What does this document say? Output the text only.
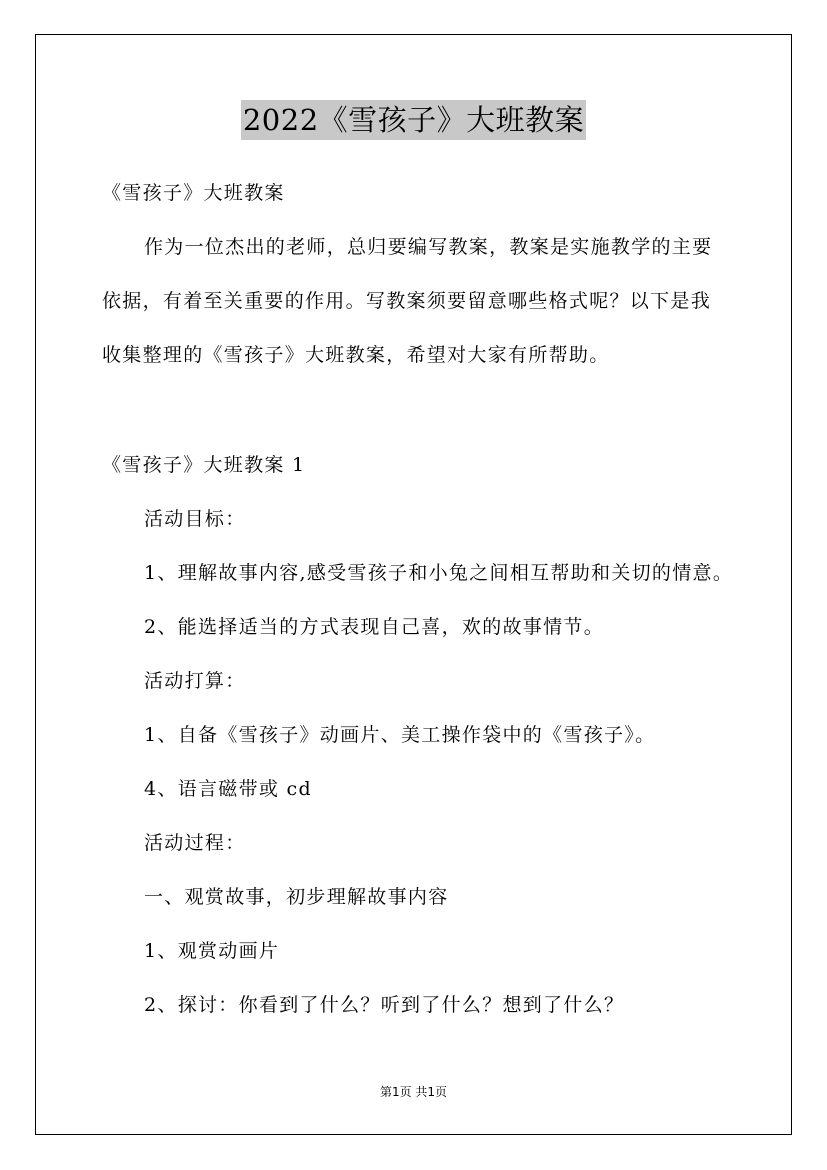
2022《雪孩子》大班教案
《雪孩子》大班教案
作为一位杰出的老师，总归要编写教案，教案是实施教学的主要
依据，有着至关重要的作用。写教案须要留意哪些格式呢？以下是我
收集整理的《雪孩子》大班教案，希望对大家有所帮助。
《雪孩子》大班教案 1
活动目标：
1、理解故事内容,感受雪孩子和小兔之间相互帮助和关切的情意。
2、能选择适当的方式表现自己喜，欢的故事情节。
活动打算：
1、自备《雪孩子》动画片、美工操作袋中的《雪孩子》。
4、语言磁带或 cd
活动过程：
一、观赏故事，初步理解故事内容
1、观赏动画片
2、探讨：你看到了什么？听到了什么？想到了什么？
第1页 共1页
